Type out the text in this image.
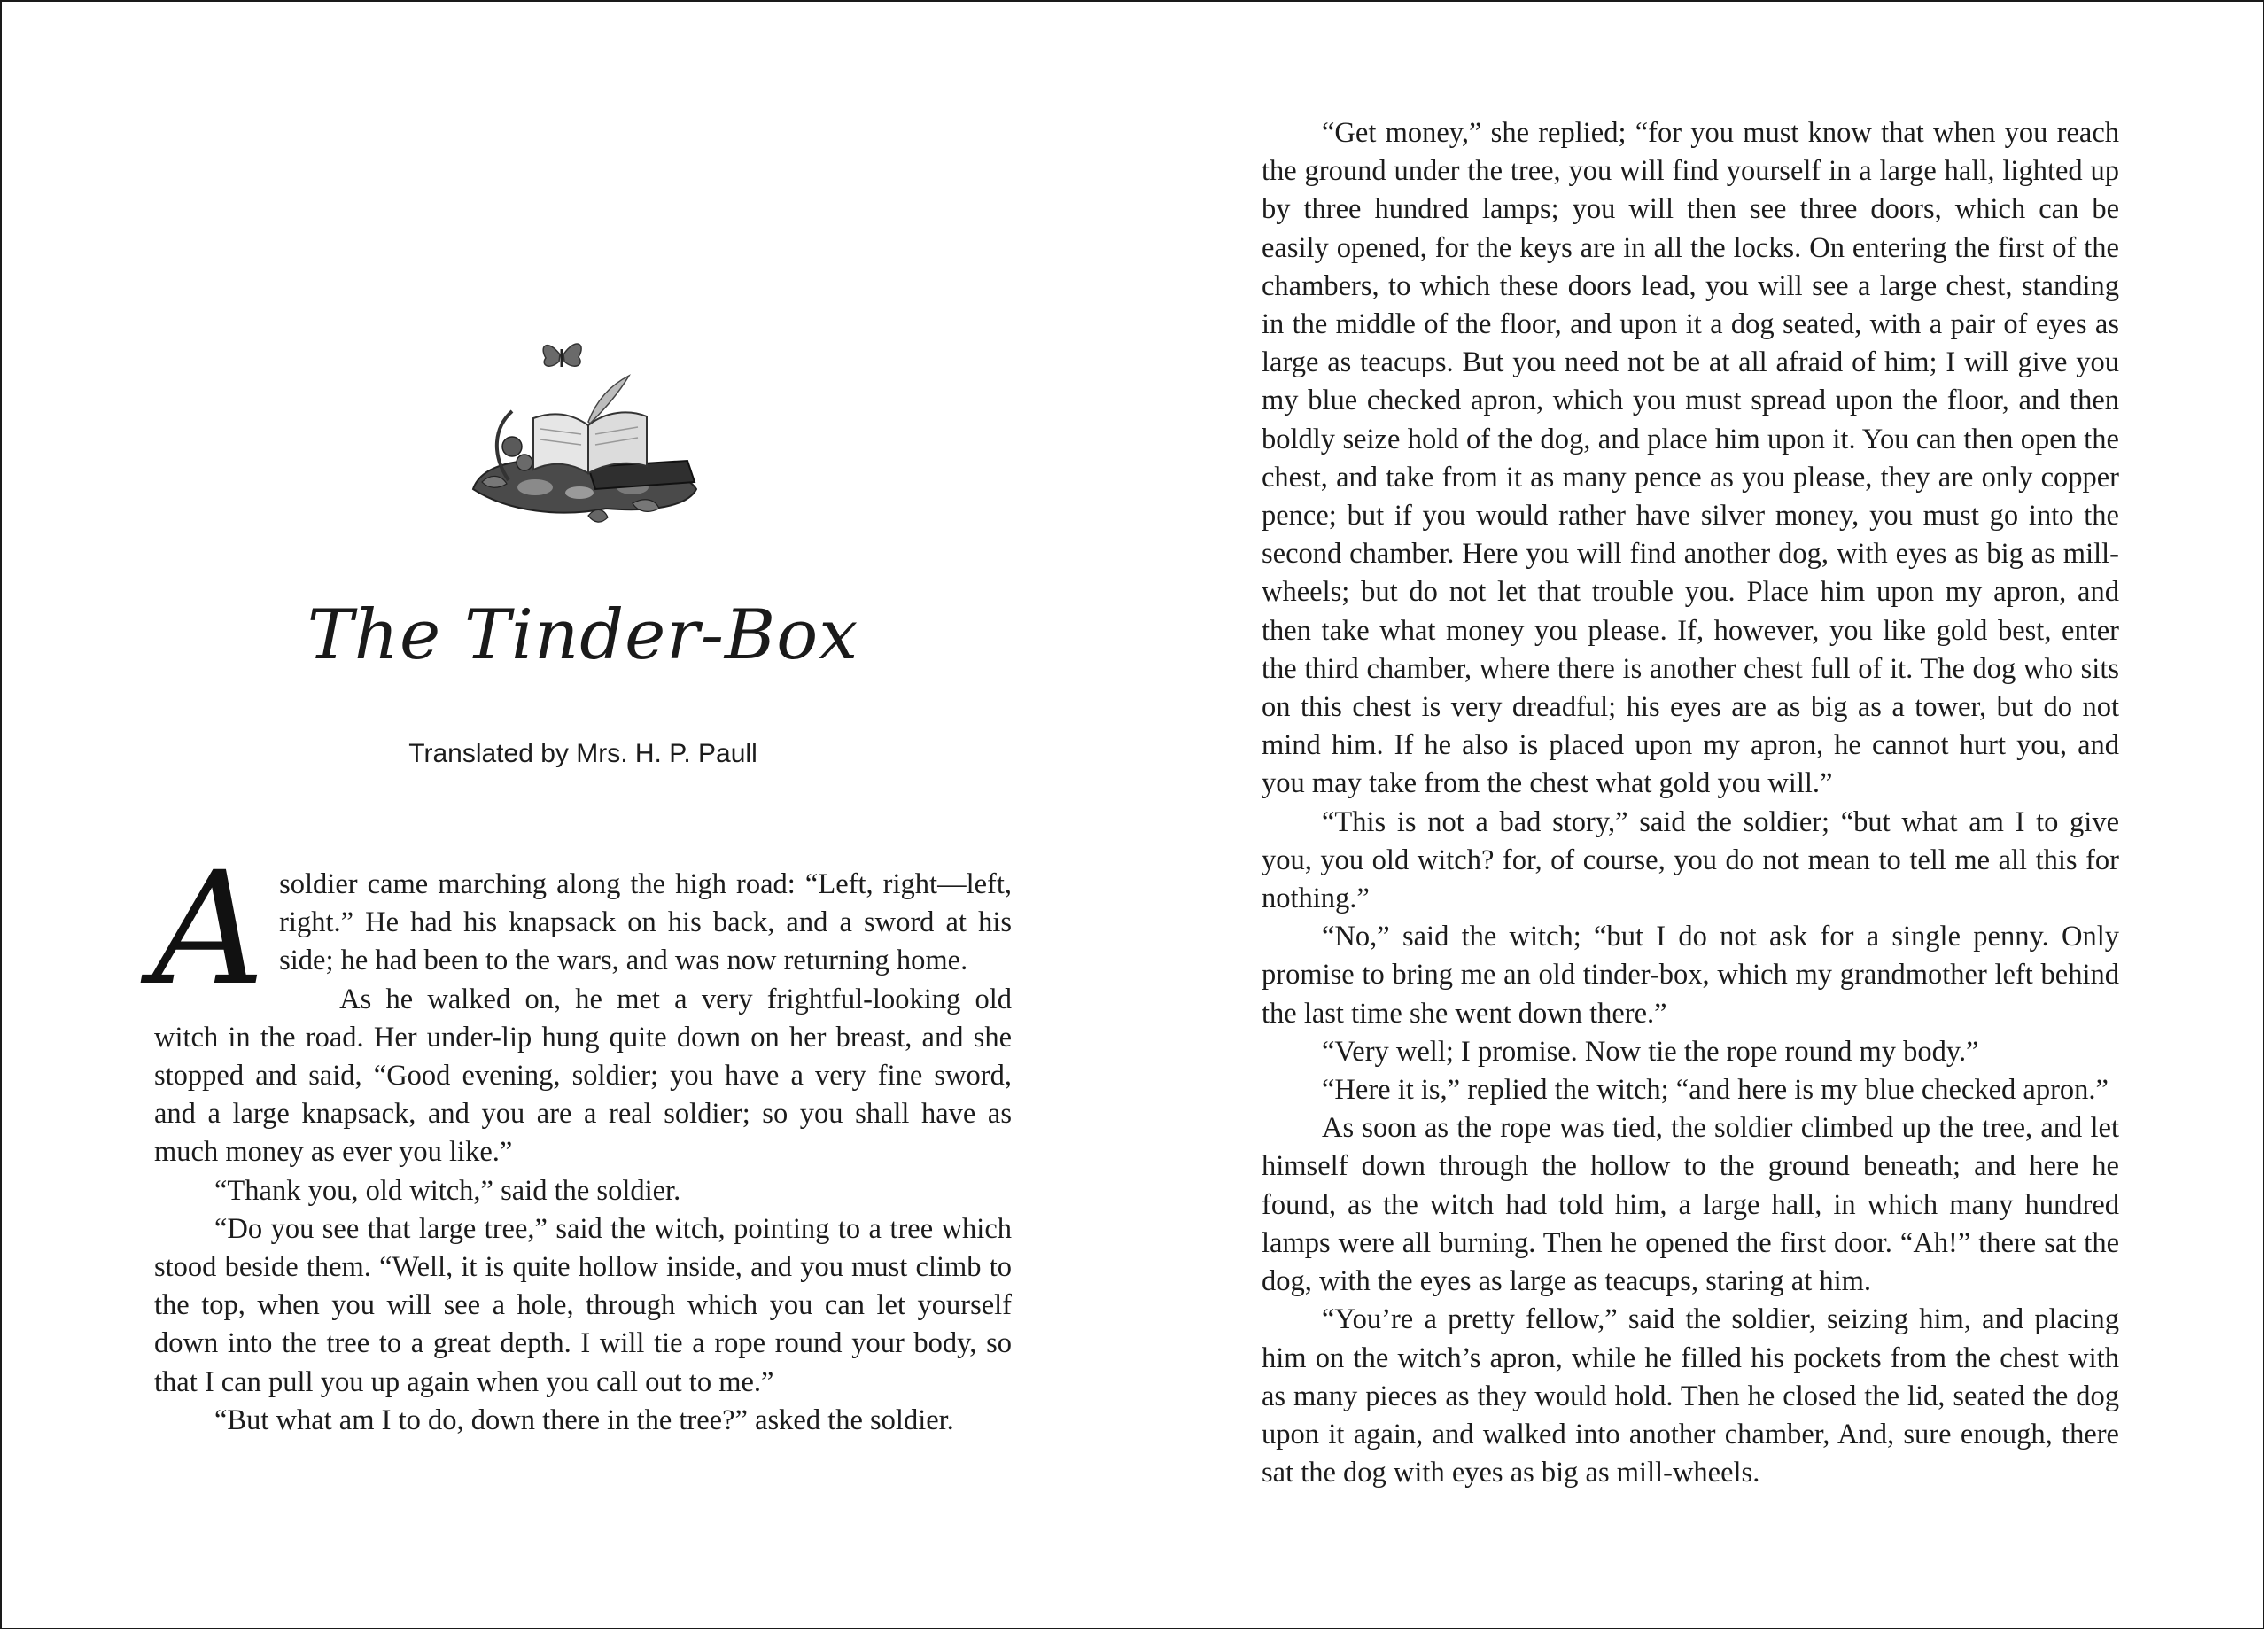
The Tinder-Box
Translated by Mrs. H. P. Paull

Asoldier came marching along the high road: “Left, right—left, right.” He had his knapsack on his back, and a sword at his side; he had been to the wars, and was now returning home.

As he walked on, he met a very frightful-looking old witch in the road. Her under-lip hung quite down on her breast, and she stopped and said, “Good evening, soldier; you have a very fine sword, and a large knapsack, and you are a real soldier; so you shall have as much money as ever you like.”

“Thank you, old witch,” said the soldier.

“Do you see that large tree,” said the witch, pointing to a tree which stood beside them. “Well, it is quite hollow inside, and you must climb to the top, when you will see a hole, through which you can let yourself down into the tree to a great depth. I will tie a rope round your body, so that I can pull you up again when you call out to me.”

“But what am I to do, down there in the tree?” asked the soldier.

“Get money,” she replied; “for you must know that when you reach the ground under the tree, you will find yourself in a large hall, lighted up by three hundred lamps; you will then see three doors, which can be easily opened, for the keys are in all the locks. On entering the first of the chambers, to which these doors lead, you will see a large chest, standing in the middle of the floor, and upon it a dog seated, with a pair of eyes as large as teacups. But you need not be at all afraid of him; I will give you my blue checked apron, which you must spread upon the floor, and then boldly seize hold of the dog, and place him upon it. You can then open the chest, and take from it as many pence as you please, they are only copper pence; but if you would rather have silver money, you must go into the second chamber. Here you will find another dog, with eyes as big as mill-wheels; but do not let that trouble you. Place him upon my apron, and then take what money you please. If, however, you like gold best, enter the third chamber, where there is another chest full of it. The dog who sits on this chest is very dreadful; his eyes are as big as a tower, but do not mind him. If he also is placed upon my apron, he cannot hurt you, and you may take from the chest what gold you will.”

“This is not a bad story,” said the soldier; “but what am I to give you, you old witch? for, of course, you do not mean to tell me all this for nothing.”

“No,” said the witch; “but I do not ask for a single penny. Only promise to bring me an old tinder-box, which my grandmother left behind the last time she went down there.”

“Very well; I promise. Now tie the rope round my body.”

“Here it is,” replied the witch; “and here is my blue checked apron.”

As soon as the rope was tied, the soldier climbed up the tree, and let himself down through the hollow to the ground beneath; and here he found, as the witch had told him, a large hall, in which many hundred lamps were all burning. Then he opened the first door. “Ah!” there sat the dog, with the eyes as large as teacups, staring at him.

“You’re a pretty fellow,” said the soldier, seizing him, and placing him on the witch’s apron, while he filled his pockets from the chest with as many pieces as they would hold. Then he closed the lid, seated the dog upon it again, and walked into another chamber, And, sure enough, there sat the dog with eyes as big as mill-wheels.
